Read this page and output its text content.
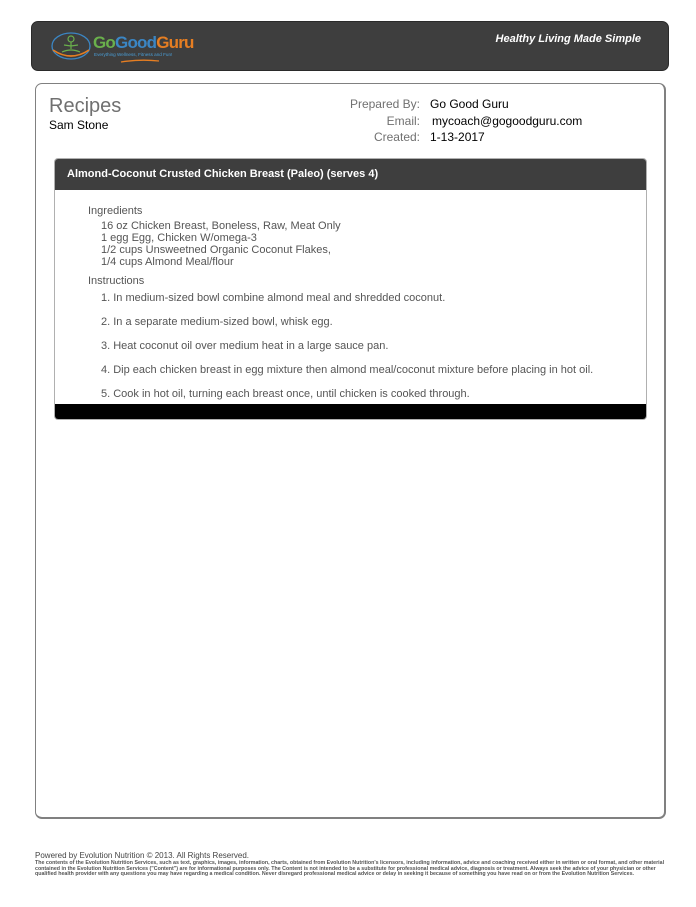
GoGoodGuru
Everything Wellness, Fitness and Fun!
Healthy Living Made Simple
Recipes
Sam Stone
Prepared By: Go Good Guru
Email:	mycoach@gogoodguru.com
Created: 1-13-2017
Almond-Coconut Crusted Chicken Breast (Paleo) (serves 4)
Ingredients
16 oz Chicken Breast, Boneless, Raw, Meat Only
1 egg Egg, Chicken W/omega-3
1/2 cups Unsweetned Organic Coconut Flakes,
1/4 cups Almond Meal/flour
Instructions
1. In medium-sized bowl combine almond meal and shredded coconut.
2. In a separate medium-sized bowl, whisk egg.
3. Heat coconut oil over medium heat in a large sauce pan.
4. Dip each chicken breast in egg mixture then almond meal/coconut mixture before placing in hot oil.
5. Cook in hot oil, turning each breast once, until chicken is cooked through.
Powered by Evolution Nutrition © 2013. All Rights Reserved.
The contents of the Evolution Nutrition Services, such as text, graphics, images, information, charts, obtained from Evolution Nutrition's licensors, including information, advice and coaching received either in written or oral format, and other material contained in the Evolution Nutrition Services ("Content") are for informational purposes only. The Content is not intended to be a substitute for professional medical advice, diagnosis or treatment. Always seek the advice of your physician or other qualified health provider with any questions you may have regarding a medical condition. Never disregard professional medical advice or delay in seeking it because of something you have read on or from the Evolution Nutrition Services.
